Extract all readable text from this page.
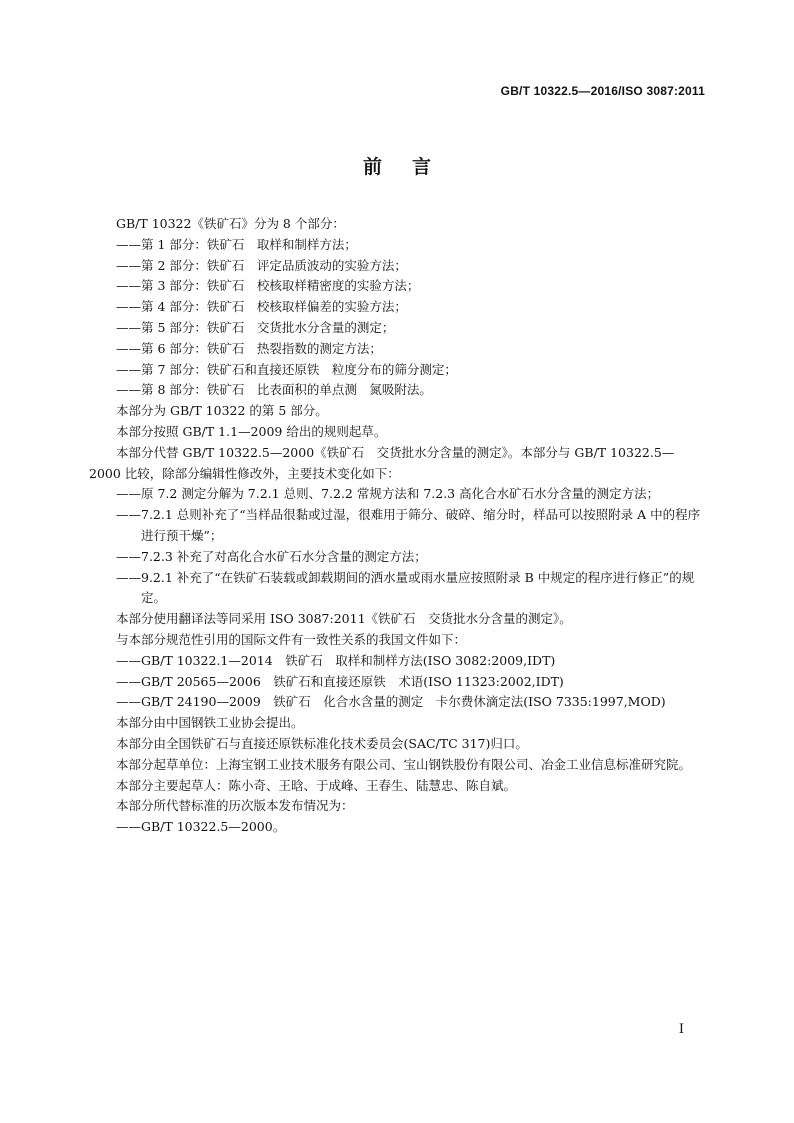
GB/T 10322.5—2016/ISO 3087:2011
前言

GB/T 10322《铁矿石》分为 8 个部分：

——第 1 部分：铁矿石　取样和制样方法；

——第 2 部分：铁矿石　评定品质波动的实验方法；

——第 3 部分：铁矿石　校核取样精密度的实验方法；

——第 4 部分：铁矿石　校核取样偏差的实验方法；

——第 5 部分：铁矿石　交货批水分含量的测定；

——第 6 部分：铁矿石　热裂指数的测定方法；

——第 7 部分：铁矿石和直接还原铁　粒度分布的筛分测定；

——第 8 部分：铁矿石　比表面积的单点测　氮吸附法。

本部分为 GB/T 10322 的第 5 部分。

本部分按照 GB/T 1.1—2009 给出的规则起草。

本部分代替 GB/T 10322.5—2000《铁矿石　交货批水分含量的测定》。本部分与 GB/T 10322.5—2000 比较，除部分编辑性修改外，主要技术变化如下：

——原 7.2 测定分解为 7.2.1 总则、7.2.2 常规方法和 7.2.3 高化合水矿石水分含量的测定方法；

——7.2.1 总则补充了“当样品很黏或过湿，很难用于筛分、破碎、缩分时，样品可以按照附录 A 中的程序进行预干燥”；

——7.2.3 补充了对高化合水矿石水分含量的测定方法；

——9.2.1 补充了“在铁矿石装载或卸载期间的洒水量或雨水量应按照附录 B 中规定的程序进行修正”的规定。

本部分使用翻译法等同采用 ISO 3087:2011《铁矿石　交货批水分含量的测定》。

与本部分规范性引用的国际文件有一致性关系的我国文件如下：

——GB/T 10322.1—2014　铁矿石　取样和制样方法(ISO 3082:2009,IDT)

——GB/T 20565—2006　铁矿石和直接还原铁　术语(ISO 11323:2002,IDT)

——GB/T 24190—2009　铁矿石　化合水含量的测定　卡尔费休滴定法(ISO 7335:1997,MOD)

本部分由中国钢铁工业协会提出。

本部分由全国铁矿石与直接还原铁标准化技术委员会(SAC/TC 317)归口。

本部分起草单位：上海宝钢工业技术服务有限公司、宝山钢铁股份有限公司、冶金工业信息标准研究院。

本部分主要起草人：陈小奇、王晗、于成峰、王春生、陆慧忠、陈自斌。

本部分所代替标准的历次版本发布情况为：

——GB/T 10322.5—2000。

I
